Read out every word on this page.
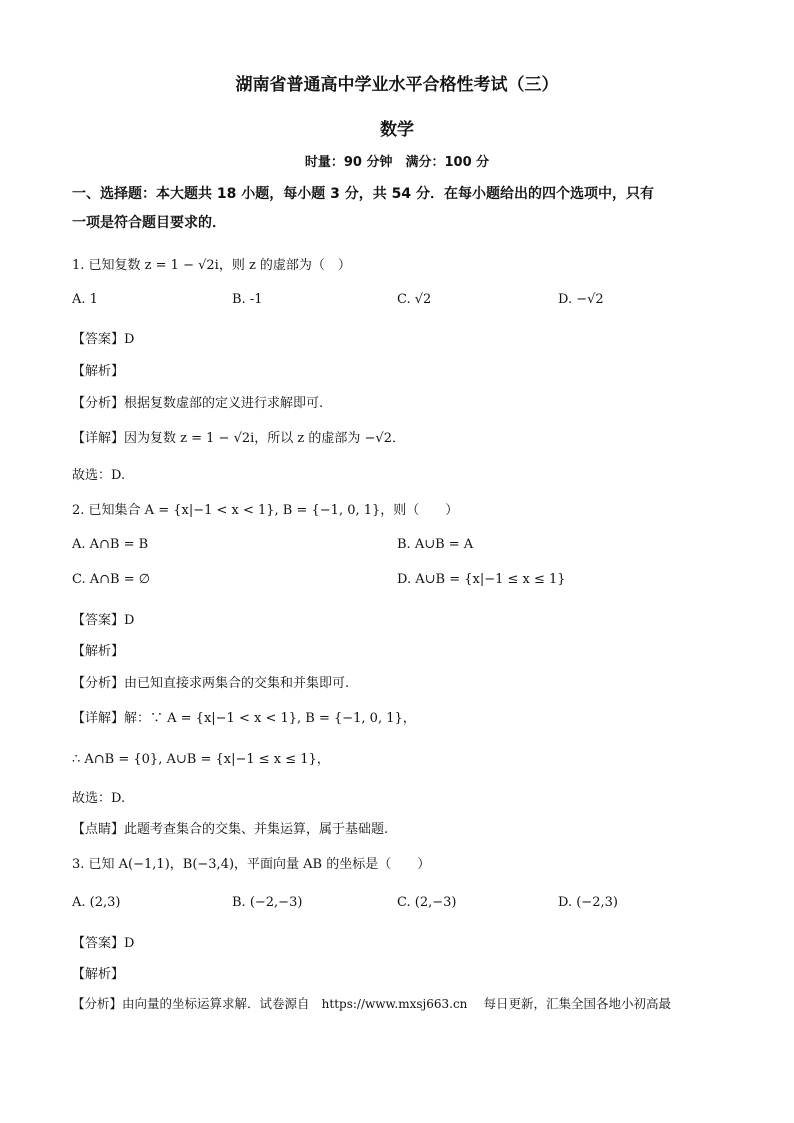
湖南省普通高中学业水平合格性考试（三）
数学
时量：90 分钟　满分：100 分
一、选择题：本大题共 18 小题，每小题 3 分，共 54 分．在每小题给出的四个选项中，只有
一项是符合题目要求的．
1. 已知复数 z = 1 − √2i，则 z 的虚部为（　）
A. 1	B. -1	C. √2	D. −√2
【答案】D
【解析】
【分析】根据复数虚部的定义进行求解即可.
【详解】因为复数 z = 1 − √2i，所以 z 的虚部为 −√2．
故选：D.
2. 已知集合 A = {x|−1 < x < 1}, B = {−1, 0, 1}，则（　　）
A. A∩B = B	B. A∪B = A
C. A∩B = ∅	D. A∪B = {x|−1 ≤ x ≤ 1}
【答案】D
【解析】
【分析】由已知直接求两集合的交集和并集即可.
【详解】解：∵ A = {x|−1 < x < 1}, B = {−1, 0, 1}，
∴ A∩B = {0}, A∪B = {x|−1 ≤ x ≤ 1}，
故选：D.
【点睛】此题考查集合的交集、并集运算，属于基础题.
3. 已知 A(−1,1)，B(−3,4)，平面向量 AB 的坐标是（　　）
A. (2,3)	B. (−2,−3)	C. (2,−3)	D. (−2,3)
【答案】D
【解析】
【分析】由向量的坐标运算求解．试卷源自 https://www.mxsj663.cn 每日更新，汇集全国各地小初高最
